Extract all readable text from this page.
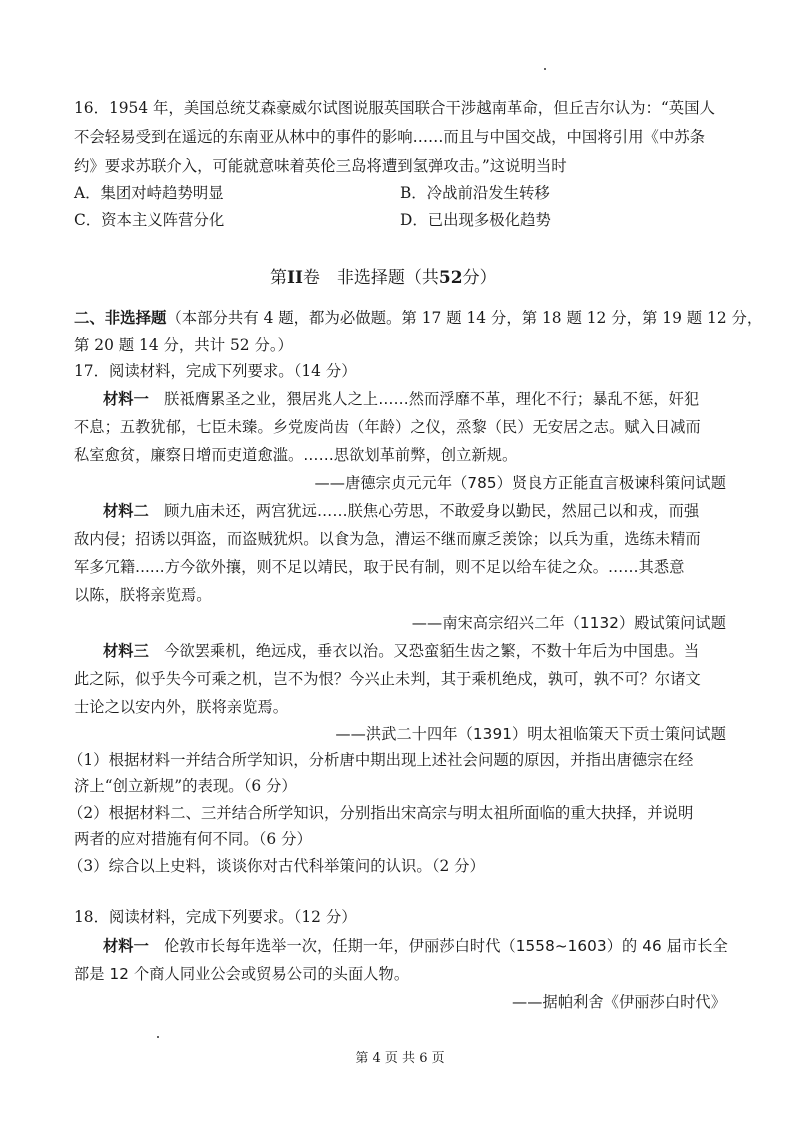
16．1954 年，美国总统艾森豪威尔试图说服英国联合干涉越南革命，但丘吉尔认为：“英国人
不会轻易受到在遥远的东南亚从林中的事件的影响……而且与中国交战，中国将引用《中苏条
约》要求苏联介入，可能就意味着英伦三岛将遭到氢弹攻击。”这说明当时
A．集团对峙趋势明显	B．冷战前沿发生转移
C．资本主义阵营分化	D．已出现多极化趋势
第II卷　非选择题（共52分）
二、非选择题（本部分共有 4 题，都为必做题。第 17 题 14 分，第 18 题 12 分，第 19 题 12 分，
第 20 题 14 分，共计 52 分。）
17．阅读材料，完成下列要求。（14 分）
材料一　 朕祗膺累圣之业，猥居兆人之上……然而浮靡不革，理化不行；暴乱不惩，奸犯
不息；五教犹郁，七臣未臻。乡党废尚齿（年龄）之仪，烝黎（民）无安居之志。赋入日减而
私室愈贫，廉察日增而吏道愈滥。……思欲划革前弊，创立新规。
——唐德宗贞元元年（785）贤良方正能直言极谏科策问试题
材料二　 顾九庙未还，两宫犹远……朕焦心劳思，不敢爱身以勤民，然屈己以和戎，而强
敌内侵；招诱以弭盗，而盗贼犹炽。以食为急，漕运不继而廪乏羡馀；以兵为重，选练未精而
军多冗籍......方今欲外攘，则不足以靖民，取于民有制，则不足以给车徒之众。……其悉意
以陈，朕将亲览焉。
——南宋高宗绍兴二年（1132）殿试策问试题
材料三　 今欲罢乘机，绝远戍，垂衣以治。又恐蛮貊生齿之繁，不数十年后为中国患。当
此之际，似乎失今可乘之机，岂不为恨？今兴止未判，其于乘机绝戍，孰可，孰不可？尔诸文
士论之以安内外，朕将亲览焉。
——洪武二十四年（1391）明太祖临策天下贡士策问试题
（1）根据材料一并结合所学知识，分析唐中期出现上述社会问题的原因，并指出唐德宗在经
济上“创立新规”的表现。（6 分）
（2）根据材料二、三并结合所学知识，分别指出宋高宗与明太祖所面临的重大抉择，并说明
两者的应对措施有何不同。（6 分）
（3）综合以上史料，谈谈你对古代科举策问的认识。（2 分）
18．阅读材料，完成下列要求。（12 分）
材料一　 伦敦市长每年选举一次，任期一年，伊丽莎白时代（1558~1603）的 46 届市长全
部是 12 个商人同业公会或贸易公司的头面人物。
——据帕利舍《伊丽莎白时代》
第 4 页 共 6 页
